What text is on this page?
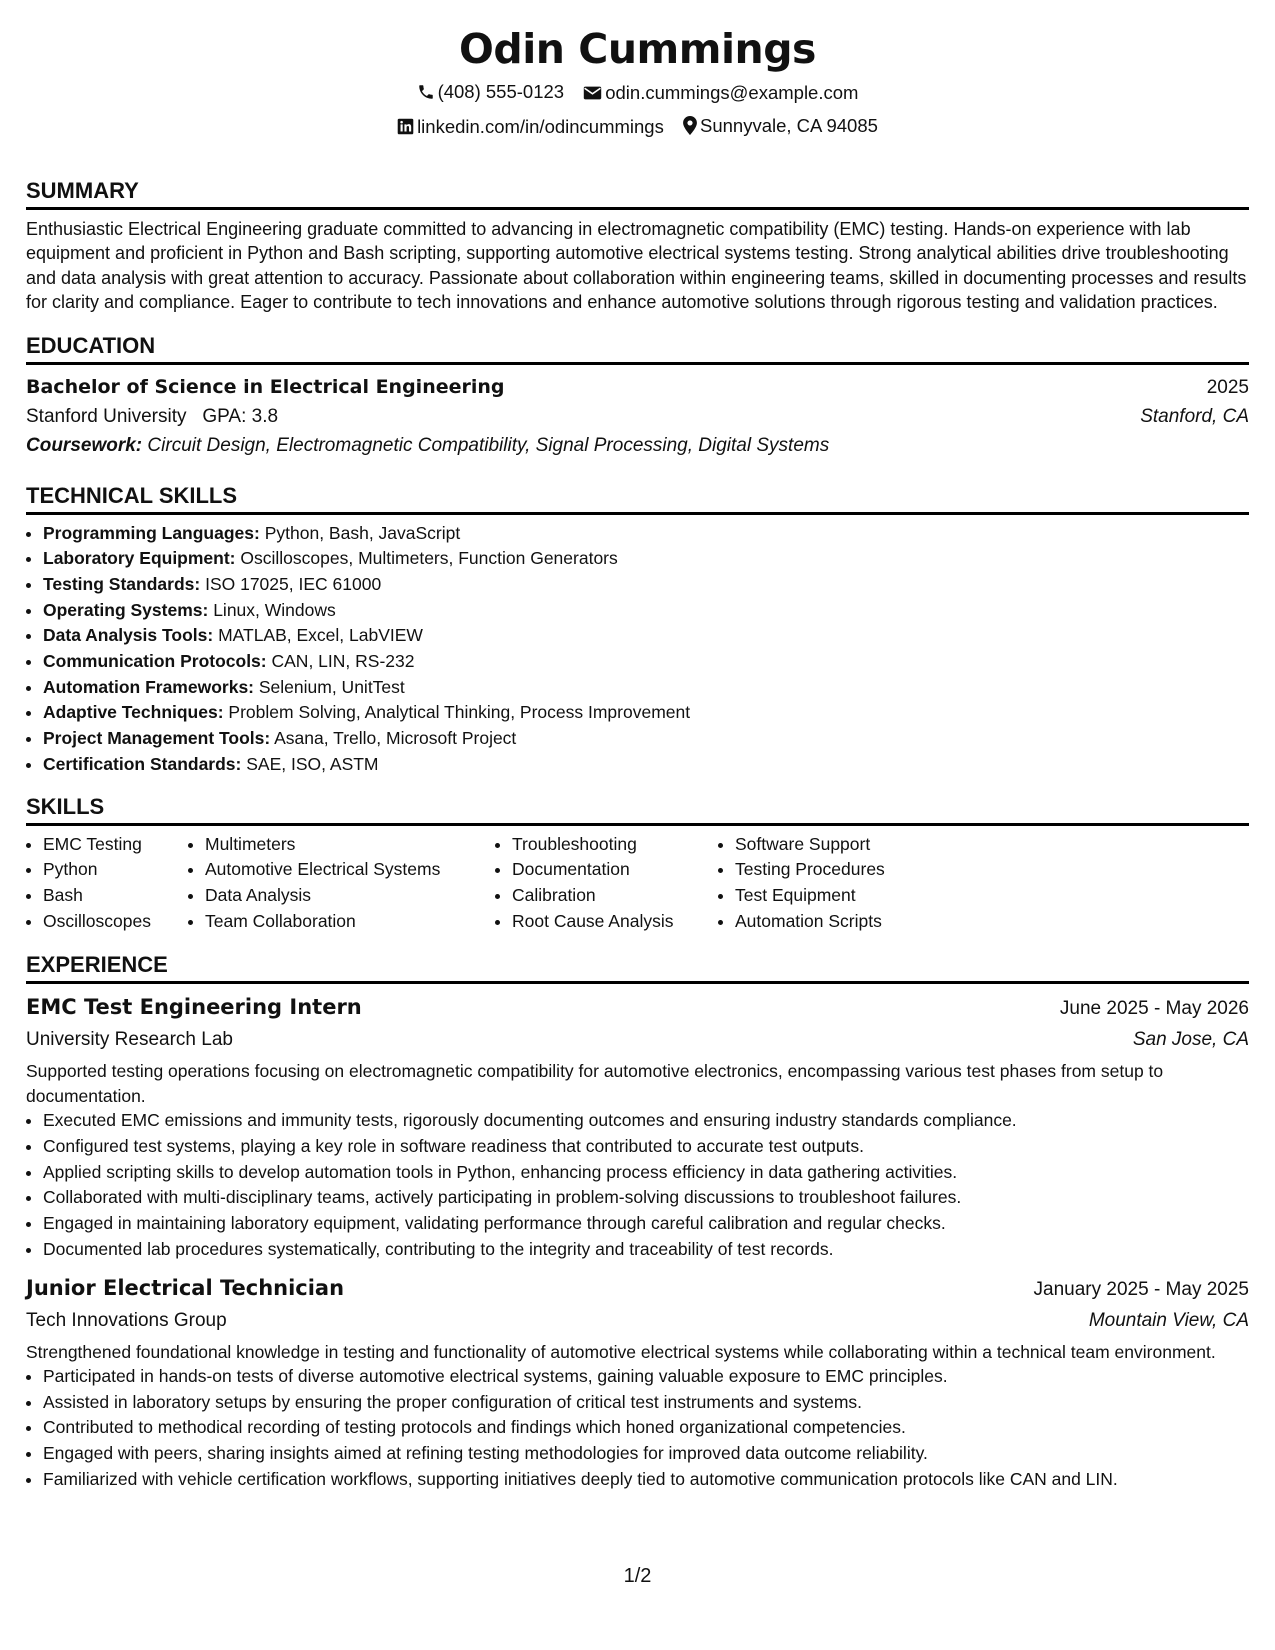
Odin Cummings
(408) 555-0123
odin.cummings@example.com
linkedin.com/in/odincummings
Sunnyvale, CA 94085
SUMMARY

Enthusiastic Electrical Engineering graduate committed to advancing in electromagnetic compatibility (EMC) testing. Hands-on experience with lab equipment and proficient in Python and Bash scripting, supporting automotive electrical systems testing. Strong analytical abilities drive troubleshooting and data analysis with great attention to accuracy. Passionate about collaboration within engineering teams, skilled in documenting processes and results for clarity and compliance. Eager to contribute to tech innovations and enhance automotive solutions through rigorous testing and validation practices.

EDUCATION
Bachelor of Science in Electrical Engineering	2025
Stanford University GPA: 3.8	Stanford, CA
Coursework: Circuit Design, Electromagnetic Compatibility, Signal Processing, Digital Systems
TECHNICAL SKILLS
• Programming Languages: Python, Bash, JavaScript
• Laboratory Equipment: Oscilloscopes, Multimeters, Function Generators
• Testing Standards: ISO 17025, IEC 61000
• Operating Systems: Linux, Windows
• Data Analysis Tools: MATLAB, Excel, LabVIEW
• Communication Protocols: CAN, LIN, RS-232
• Automation Frameworks: Selenium, UnitTest
• Adaptive Techniques: Problem Solving, Analytical Thinking, Process Improvement
• Project Management Tools: Asana, Trello, Microsoft Project
• Certification Standards: SAE, ISO, ASTM
SKILLS
• EMC Testing
• Python
• Bash
• Oscilloscopes
• Multimeters
• Automotive Electrical Systems
• Data Analysis
• Team Collaboration
• Troubleshooting
• Documentation
• Calibration
• Root Cause Analysis
• Software Support
• Testing Procedures
• Test Equipment
• Automation Scripts
EXPERIENCE
EMC Test Engineering Intern	June 2025 - May 2026
University Research Lab	San Jose, CA
Supported testing operations focusing on electromagnetic compatibility for automotive electronics, encompassing various test phases from setup to documentation.
• Executed EMC emissions and immunity tests, rigorously documenting outcomes and ensuring industry standards compliance.
• Configured test systems, playing a key role in software readiness that contributed to accurate test outputs.
• Applied scripting skills to develop automation tools in Python, enhancing process efficiency in data gathering activities.
• Collaborated with multi-disciplinary teams, actively participating in problem-solving discussions to troubleshoot failures.
• Engaged in maintaining laboratory equipment, validating performance through careful calibration and regular checks.
• Documented lab procedures systematically, contributing to the integrity and traceability of test records.
Junior Electrical Technician	January 2025 - May 2025
Tech Innovations Group	Mountain View, CA
Strengthened foundational knowledge in testing and functionality of automotive electrical systems while collaborating within a technical team environment.
• Participated in hands-on tests of diverse automotive electrical systems, gaining valuable exposure to EMC principles.
• Assisted in laboratory setups by ensuring the proper configuration of critical test instruments and systems.
• Contributed to methodical recording of testing protocols and findings which honed organizational competencies.
• Engaged with peers, sharing insights aimed at refining testing methodologies for improved data outcome reliability.
• Familiarized with vehicle certification workflows, supporting initiatives deeply tied to automotive communication protocols like CAN and LIN.
1/2
